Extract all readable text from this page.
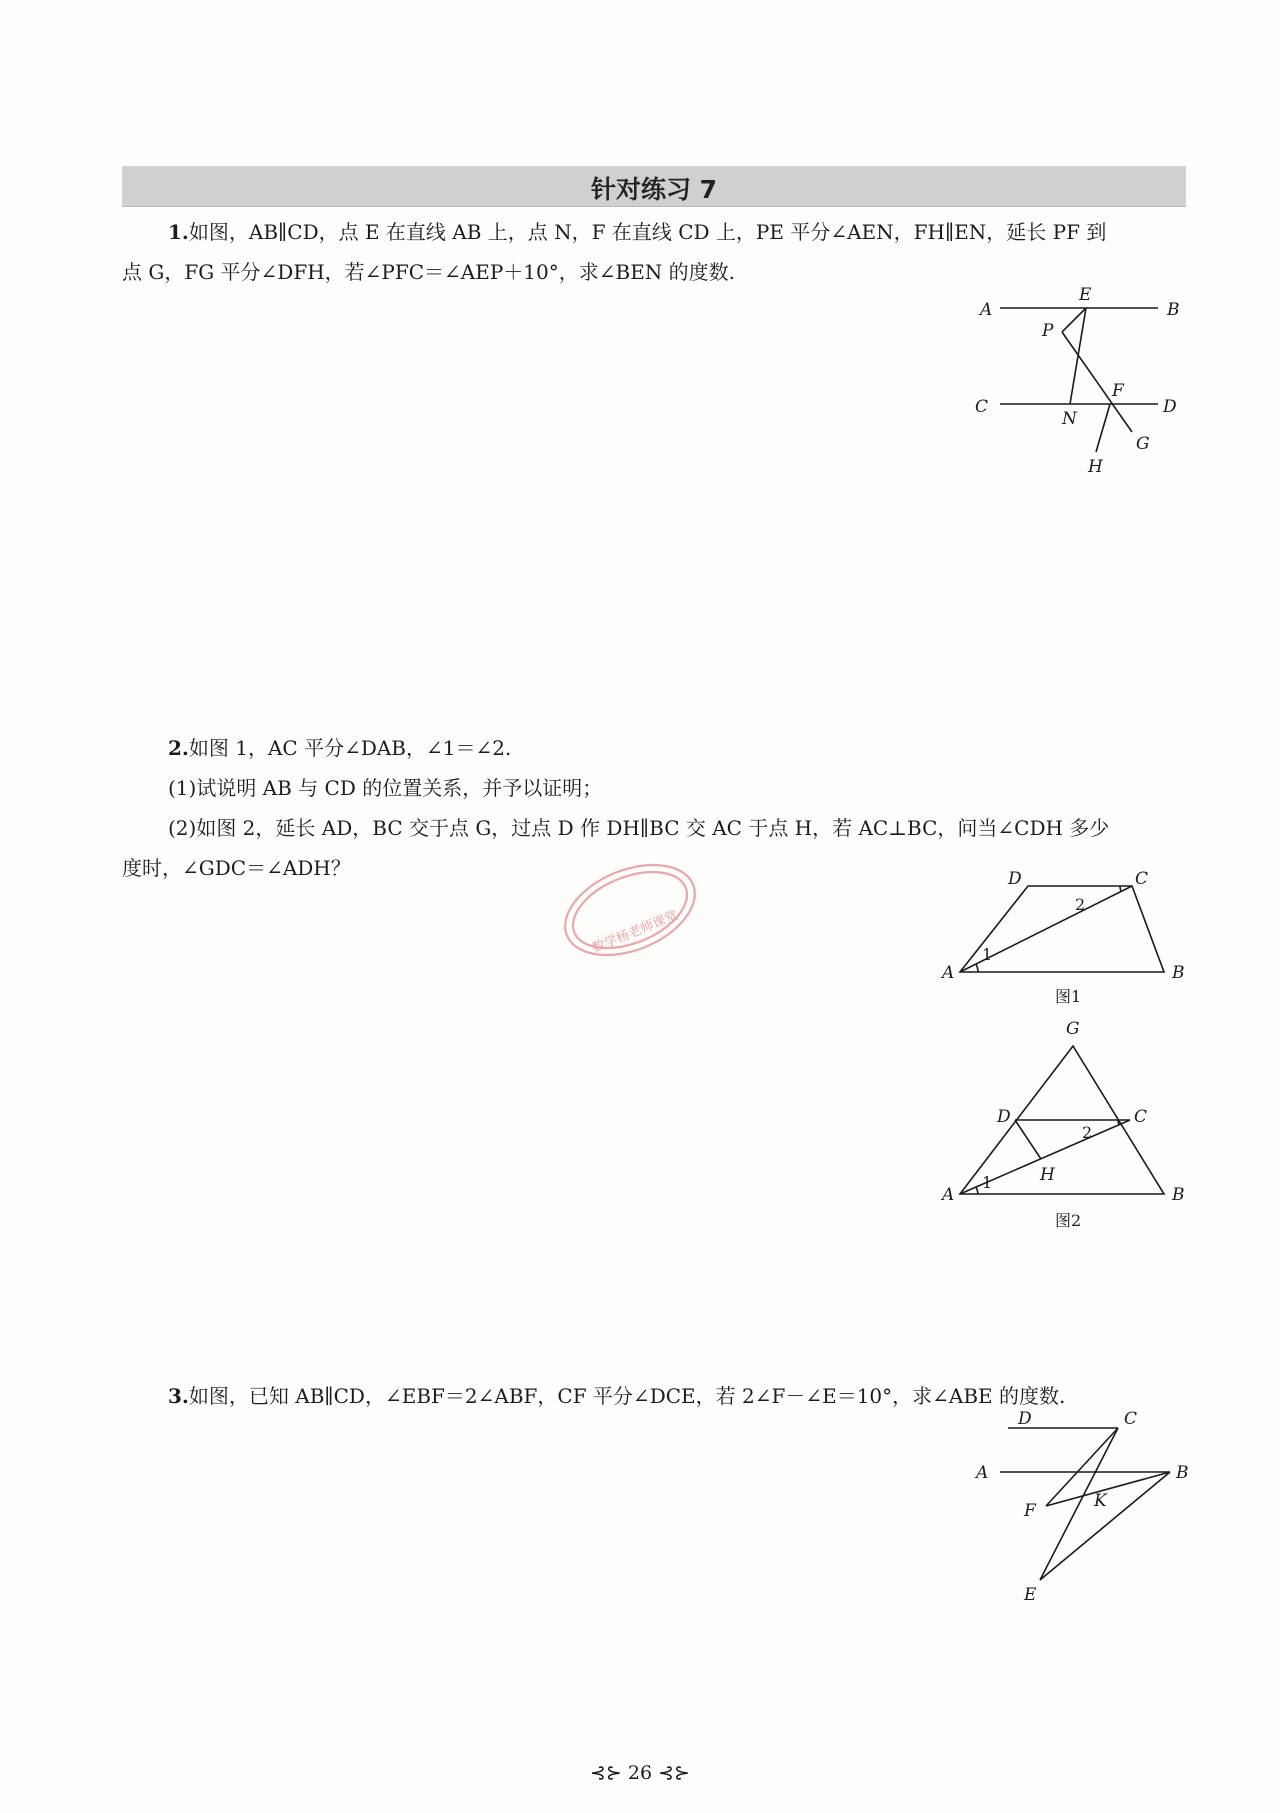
针对练习 7
1.如图，AB∥CD，点 E 在直线 AB 上，点 N，F 在直线 CD 上，PE 平分∠AEN，FH∥EN，延长 PF 到
点 G，FG 平分∠DFH，若∠PFC＝∠AEP＋10°，求∠BEN 的度数.
A
E
B
P
C
N
F
D
G
H
2.如图 1，AC 平分∠DAB，∠1＝∠2.
(1)试说明 AB 与 CD 的位置关系，并予以证明；
(2)如图 2，延长 AD，BC 交于点 G，过点 D 作 DH∥BC 交 AC 于点 H，若 AC⊥BC，问当∠CDH 多少
度时，∠GDC＝∠ADH？
数学杨老师课堂
D	C
2
1
A	B
图1
G
D	C
2
H
1
A	B
图2
3.如图，已知 AB∥CD，∠EBF＝2∠ABF，CF 平分∠DCE，若 2∠F－∠E＝10°，求∠ABE 的度数.
D	C
A	B
F	K
E
⊰⊱ 26 ⊰⊱
